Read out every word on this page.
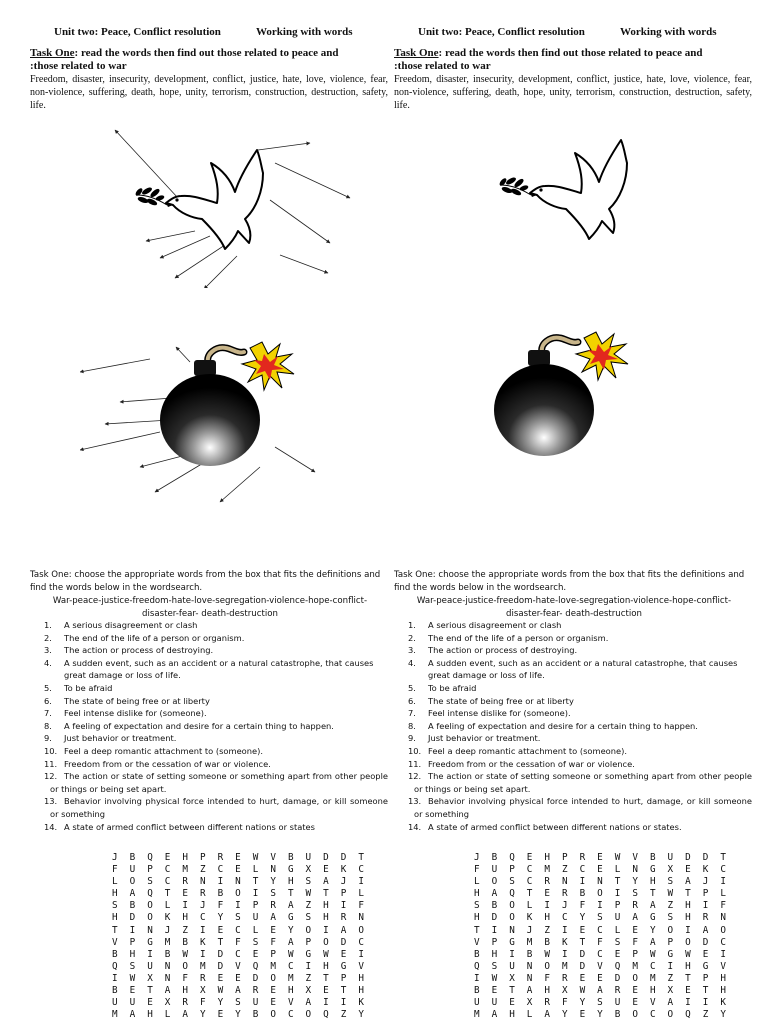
Unit two: Peace, Conflict resolution	Working with words
Task One: read the words then find out those related to peace and
:those related to war
Freedom, disaster, insecurity, development, conflict, justice, hate, love, violence, fear, non-violence, suffering, death, hope, unity, terrorism, construction, destruction, safety, life.
Task One: choose the appropriate words from the box that fits the definitions and find the words below in the wordsearch.
War-peace-justice-freedom-hate-love-segregation-violence-hope-conflict-
disaster-fear- death-destruction
1.	A serious disagreement or clash
2.	The end of the life of a person or organism.
3.	The action or process of destroying.
4.	A sudden event, such as an accident or a natural catastrophe, that causes great damage or loss of life.
5.	To be afraid
6.	The state of being free or at liberty
7.	Feel intense dislike for (someone).
8.	A feeling of expectation and desire for a certain thing to happen.
9.	Just behavior or treatment.
10. Feel a deep romantic attachment to (someone).
11. Freedom from or the cessation of war or violence.
12. The action or state of setting someone or something apart from other people or things or being set apart.
13. Behavior involving physical force intended to hurt, damage, or kill someone or something
14. A state of armed conflict between different nations or states
J B Q E H P R E W V B U D D T
F U P C M Z C E L N G X E K C
L O S C R N I N T Y H S A J I
H A Q T E R B O I S T W T P L
S B O L I J F I P R A Z H I F
H D O K H C Y S U A G S H R N
T I N J Z I E C L E Y O I A O
V P G M B K T F S F A P O D C
B H I B W I D C E P W G W E I
Q S U N O M D V Q M C I H G V
I W X N F R E E D O M Z T P H
B E T A H X W A R E H X E T H
U U E X R F Y S U E V A I I K
M A H L A Y E Y B O C O Q Z Y
Unit two: Peace, Conflict resolution	Working with words
Task One: read the words then find out those related to peace and
:those related to war
Freedom, disaster, insecurity, development, conflict, justice, hate, love, violence, fear, non-violence, suffering, death, hope, unity, terrorism, construction, destruction, safety, life.
Task One: choose the appropriate words from the box that fits the definitions and find the words below in the wordsearch.
War-peace-justice-freedom-hate-love-segregation-violence-hope-conflict-
disaster-fear- death-destruction
1.	A serious disagreement or clash
2.	The end of the life of a person or organism.
3.	The action or process of destroying.
4.	A sudden event, such as an accident or a natural catastrophe, that causes great damage or loss of life.
5.	To be afraid
6.	The state of being free or at liberty
7.	Feel intense dislike for (someone).
8.	A feeling of expectation and desire for a certain thing to happen.
9.	Just behavior or treatment.
10. Feel a deep romantic attachment to (someone).
11. Freedom from or the cessation of war or violence.
12. The action or state of setting someone or something apart from other people or things or being set apart.
13. Behavior involving physical force intended to hurt, damage, or kill someone or something
14. A state of armed conflict between different nations or states.
J B Q E H P R E W V B U D D T
F U P C M Z C E L N G X E K C
L O S C R N I N T Y H S A J I
H A Q T E R B O I S T W T P L
S B O L I J F I P R A Z H I F
H D O K H C Y S U A G S H R N
T I N J Z I E C L E Y O I A O
V P G M B K T F S F A P O D C
B H I B W I D C E P W G W E I
Q S U N O M D V Q M C I H G V
I W X N F R E E D O M Z T P H
B E T A H X W A R E H X E T H
U U E X R F Y S U E V A I I K
M A H L A Y E Y B O C O Q Z Y
